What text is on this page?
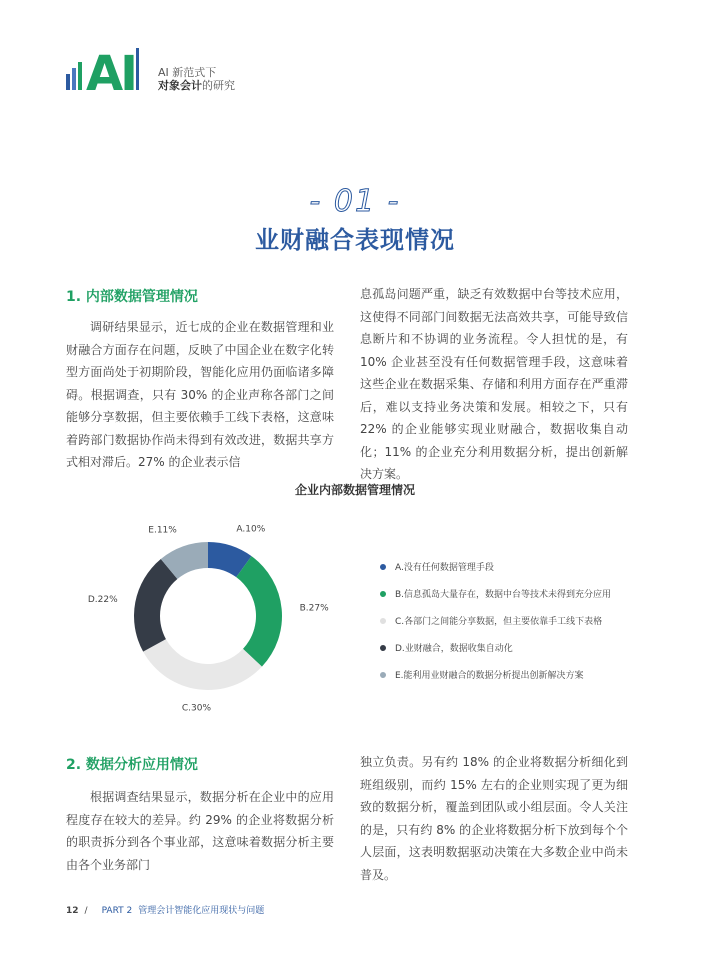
AI AI 新范式下
对象会计的研究
- 01 -
业财融合表现情况
1. 内部数据管理情况

调研结果显示，近七成的企业在数据管理和业财融合方面存在问题，反映了中国企业在数字化转型方面尚处于初期阶段，智能化应用仍面临诸多障碍。根据调查，只有 30% 的企业声称各部门之间能够分享数据，但主要依赖手工线下表格，这意味着跨部门数据协作尚未得到有效改进，数据共享方式相对滞后。27% 的企业表示信

息孤岛问题严重，缺乏有效数据中台等技术应用，这使得不同部门间数据无法高效共享，可能导致信息断片和不协调的业务流程。令人担忧的是，有 10% 企业甚至没有任何数据管理手段，这意味着这些企业在数据采集、存储和利用方面存在严重滞后，难以支持业务决策和发展。相较之下，只有 22% 的企业能够实现业财融合，数据收集自动化；11% 的企业充分利用数据分析，提出创新解决方案。

企业内部数据管理情况
A.10%
B.27%
C.30%
D.22%
E.11%
A.没有任何数据管理手段
B.信息孤岛大量存在，数据中台等技术未得到充分应用
C.各部门之间能分享数据，但主要依靠手工线下表格
D.业财融合，数据收集自动化
E.能利用业财融合的数据分析提出创新解决方案
2. 数据分析应用情况

根据调查结果显示，数据分析在企业中的应用程度存在较大的差异。约 29% 的企业将数据分析的职责拆分到各个事业部，这意味着数据分析主要由各个业务部门

独立负责。另有约 18% 的企业将数据分析细化到班组级别，而约 15% 左右的企业则实现了更为细致的数据分析，覆盖到团队或小组层面。令人关注的是，只有约 8% 的企业将数据分析下放到每个个人层面，这表明数据驱动决策在大多数企业中尚未普及。

12 / PART 2 管理会计智能化应用现状与问题
